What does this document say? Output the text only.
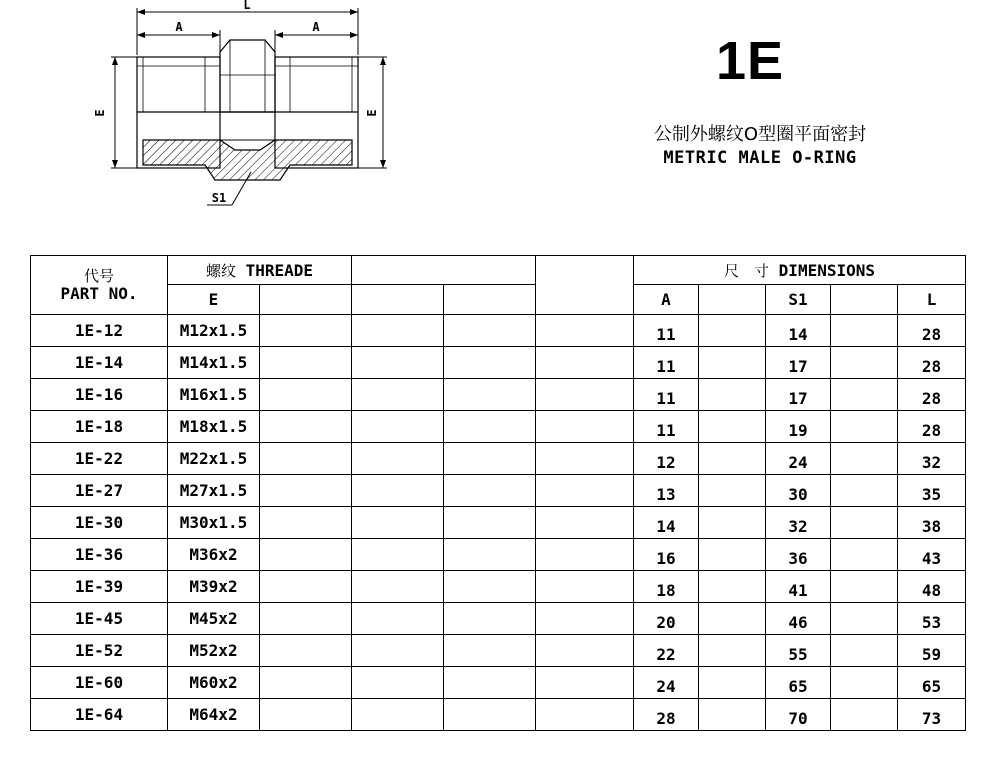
L
A	A
E	E
S1
1E
公制外螺纹O型圈平面密封
METRIC MALE O-RING
代号
PART NO.	螺纹 THREADE					尺　寸 DIMENSIONS				
	E					A		S1		L
1E-12	M12x1.5					11		14		28

1E-14	M14x1.5					11		17		28

1E-16	M16x1.5					11		17		28

1E-18	M18x1.5					11		19		28

1E-22	M22x1.5					12		24		32

1E-27	M27x1.5					13		30		35

1E-30	M30x1.5					14		32		38

1E-36	M36x2					16		36		43

1E-39	M39x2					18		41		48

1E-45	M45x2					20		46		53

1E-52	M52x2					22		55		59

1E-60	M60x2					24		65		65

1E-64	M64x2					28		70		73
